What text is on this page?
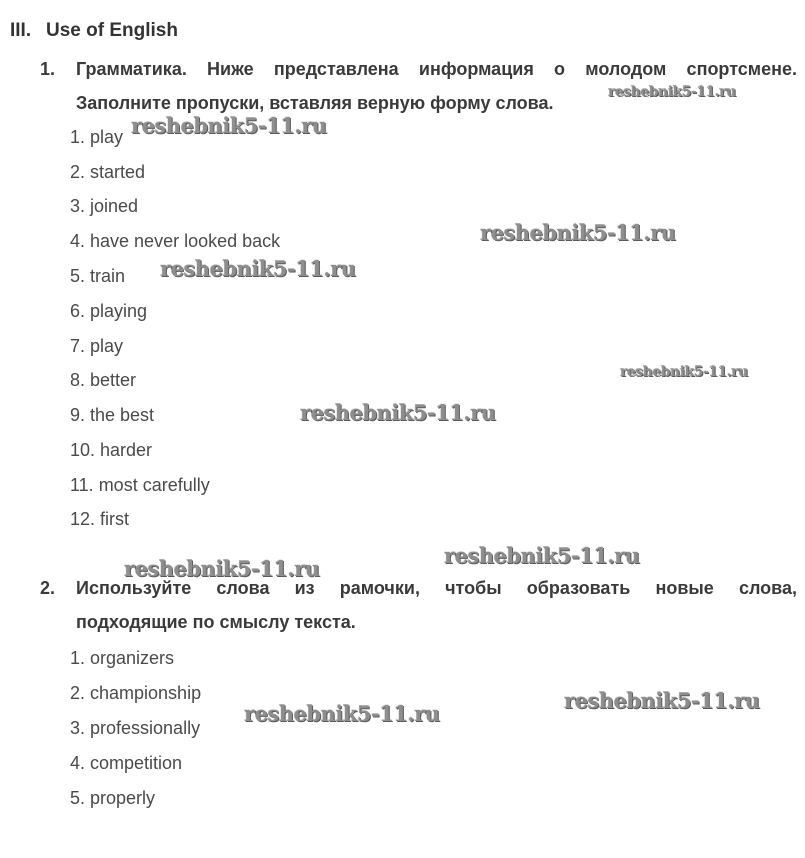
III. Use of English
1. Грамматика. Ниже представлена информация о молодом спортсмене.
Заполните пропуски, вставляя верную форму слова.
1. play
2. started
3. joined
4. have never looked back
5. train
6. playing
7. play
8. better
9. the best
10. harder
11. most carefully
12. first
2. Используйте слова из рамочки, чтобы образовать новые слова,
подходящие по смыслу текста.
1. organizers
2. championship
3. professionally
4. competition
5. properly
reshebnik5-11.ru
reshebnik5-11.ru
reshebnik5-11.ru
reshebnik5-11.ru
reshebnik5-11.ru
reshebnik5-11.ru
reshebnik5-11.ru
reshebnik5-11.ru
reshebnik5-11.ru
reshebnik5-11.ru
